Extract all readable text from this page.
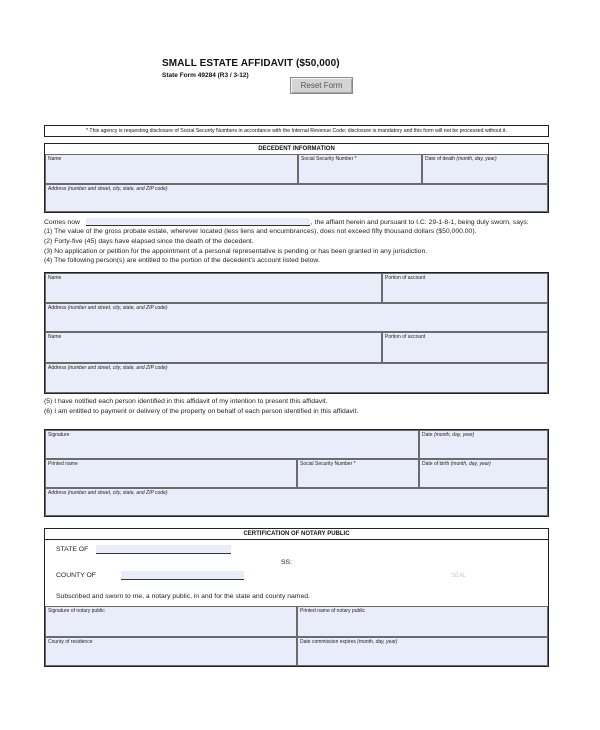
SMALL ESTATE AFFIDAVIT ($50,000)
State Form 49284 (R3 / 3-12)
Reset Form
* This agency is requesting disclosure of Social Security Numbers in accordance with the Internal Revenue Code; disclosure is mandatory and this form will not be processed without it.
DECEDENT INFORMATION
Name	Social Security Number *	Date of death (month, day, year)
Address (number and street, city, state, and ZIP code)
Comes now	, the affiant herein and pursuant to I.C. 29-1-8-1, being duly sworn, says:
(1) The value of the gross probate estate, wherever located (less liens and encumbrances), does not exceed fifty thousand dollars ($50,000.00).
(2) Forty-five (45) days have elapsed since the death of the decedent.
(3) No application or petition for the appointment of a personal representative is pending or has been granted in any jurisdiction.
(4) The following person(s) are entitled to the portion of the decedent's account listed below.
Name	Portion of account
Address (number and street, city, state, and ZIP code)
Name	Portion of account
Address (number and street, city, state, and ZIP code)
(5) I have notified each person identified in this affidavit of my intention to present this affidavit.
(6) I am entitled to payment or delivery of the property on behalf of each person identified in this affidavit.
Signature	Date (month, day, year)
Printed name	Social Security Number *	Date of birth (month, day, year)
Address (number and street, city, state, and ZIP code)
CERTIFICATION OF NOTARY PUBLIC
STATE OF
SS:
COUNTY OF	SEAL
Subscribed and sworn to me, a notary public, in and for the state and county named.
Signature of notary public	Printed name of notary public
County of residence	Date commission expires (month, day, year)
